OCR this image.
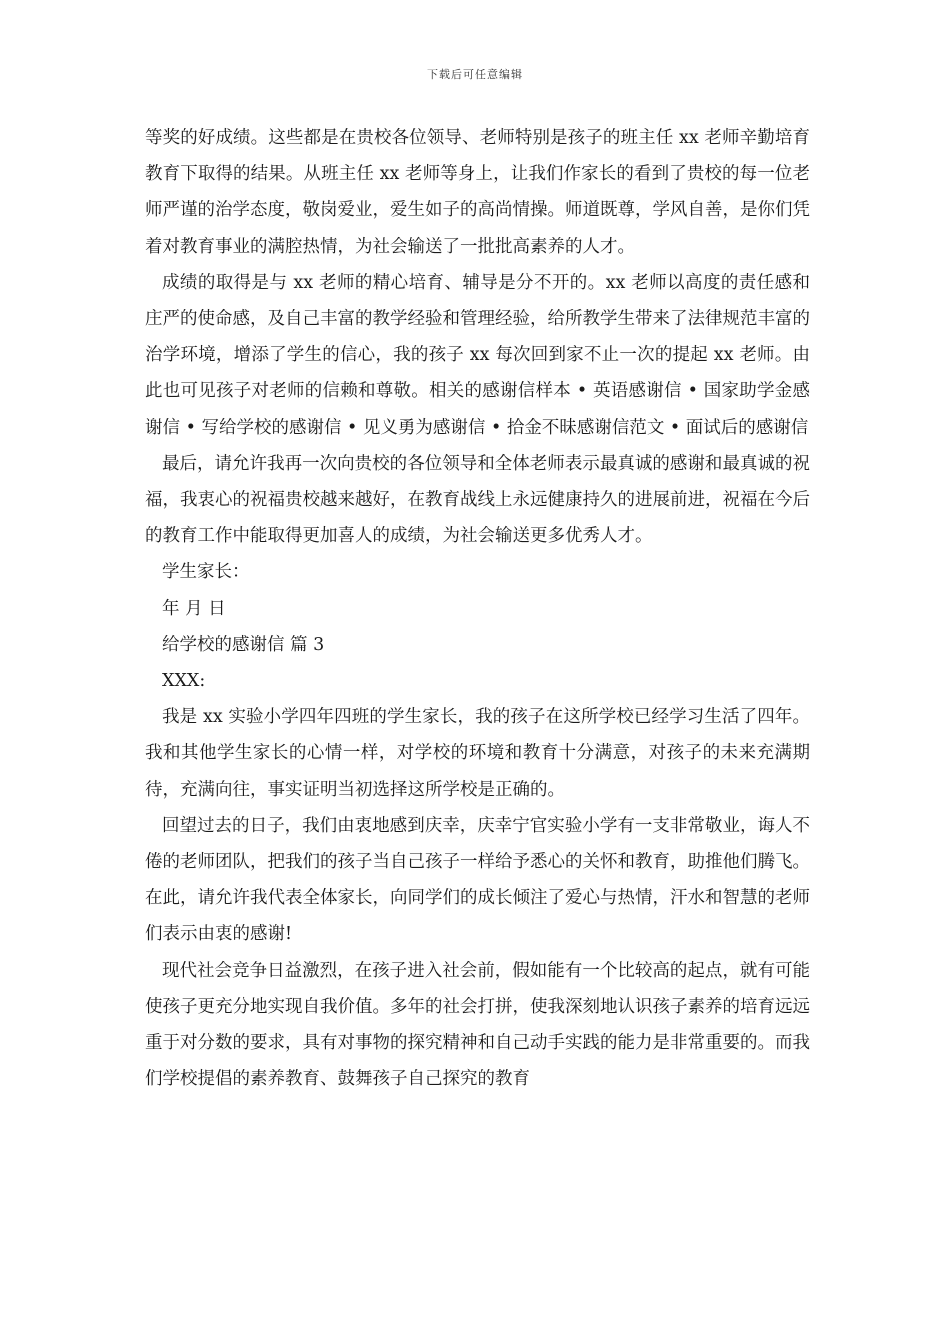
下载后可任意编辑

等奖的好成绩。这些都是在贵校各位领导、老师特别是孩子的班主任 xx 老师辛勤培育教育下取得的结果。从班主任 xx 老师等身上，让我们作家长的看到了贵校的每一位老师严谨的治学态度，敬岗爱业，爱生如子的高尚情操。师道既尊，学风自善，是你们凭着对教育事业的满腔热情，为社会输送了一批批高素养的人才。

成绩的取得是与 xx 老师的精心培育、辅导是分不开的。xx 老师以高度的责任感和庄严的使命感，及自己丰富的教学经验和管理经验，给所教学生带来了法律规范丰富的治学环境，增添了学生的信心，我的孩子 xx 每次回到家不止一次的提起 xx 老师。由此也可见孩子对老师的信赖和尊敬。相关的感谢信样本 • 英语感谢信 • 国家助学金感谢信 • 写给学校的感谢信 • 见义勇为感谢信 • 拾金不昧感谢信范文 • 面试后的感谢信

最后，请允许我再一次向贵校的各位领导和全体老师表示最真诚的感谢和最真诚的祝福，我衷心的祝福贵校越来越好，在教育战线上永远健康持久的进展前进，祝福在今后的教育工作中能取得更加喜人的成绩，为社会输送更多优秀人才。

学生家长：

年 月 日

给学校的感谢信 篇 3

XXX:

我是 xx 实验小学四年四班的学生家长，我的孩子在这所学校已经学习生活了四年。我和其他学生家长的心情一样，对学校的环境和教育十分满意，对孩子的未来充满期待，充满向往，事实证明当初选择这所学校是正确的。

回望过去的日子，我们由衷地感到庆幸，庆幸宁官实验小学有一支非常敬业，诲人不倦的老师团队，把我们的孩子当自己孩子一样给予悉心的关怀和教育，助推他们腾飞。在此，请允许我代表全体家长，向同学们的成长倾注了爱心与热情，汗水和智慧的老师们表示由衷的感谢!

现代社会竞争日益激烈，在孩子进入社会前，假如能有一个比较高的起点，就有可能使孩子更充分地实现自我价值。多年的社会打拼，使我深刻地认识孩子素养的培育远远重于对分数的要求，具有对事物的探究精神和自己动手实践的能力是非常重要的。而我们学校提倡的素养教育、鼓舞孩子自己探究的教育
